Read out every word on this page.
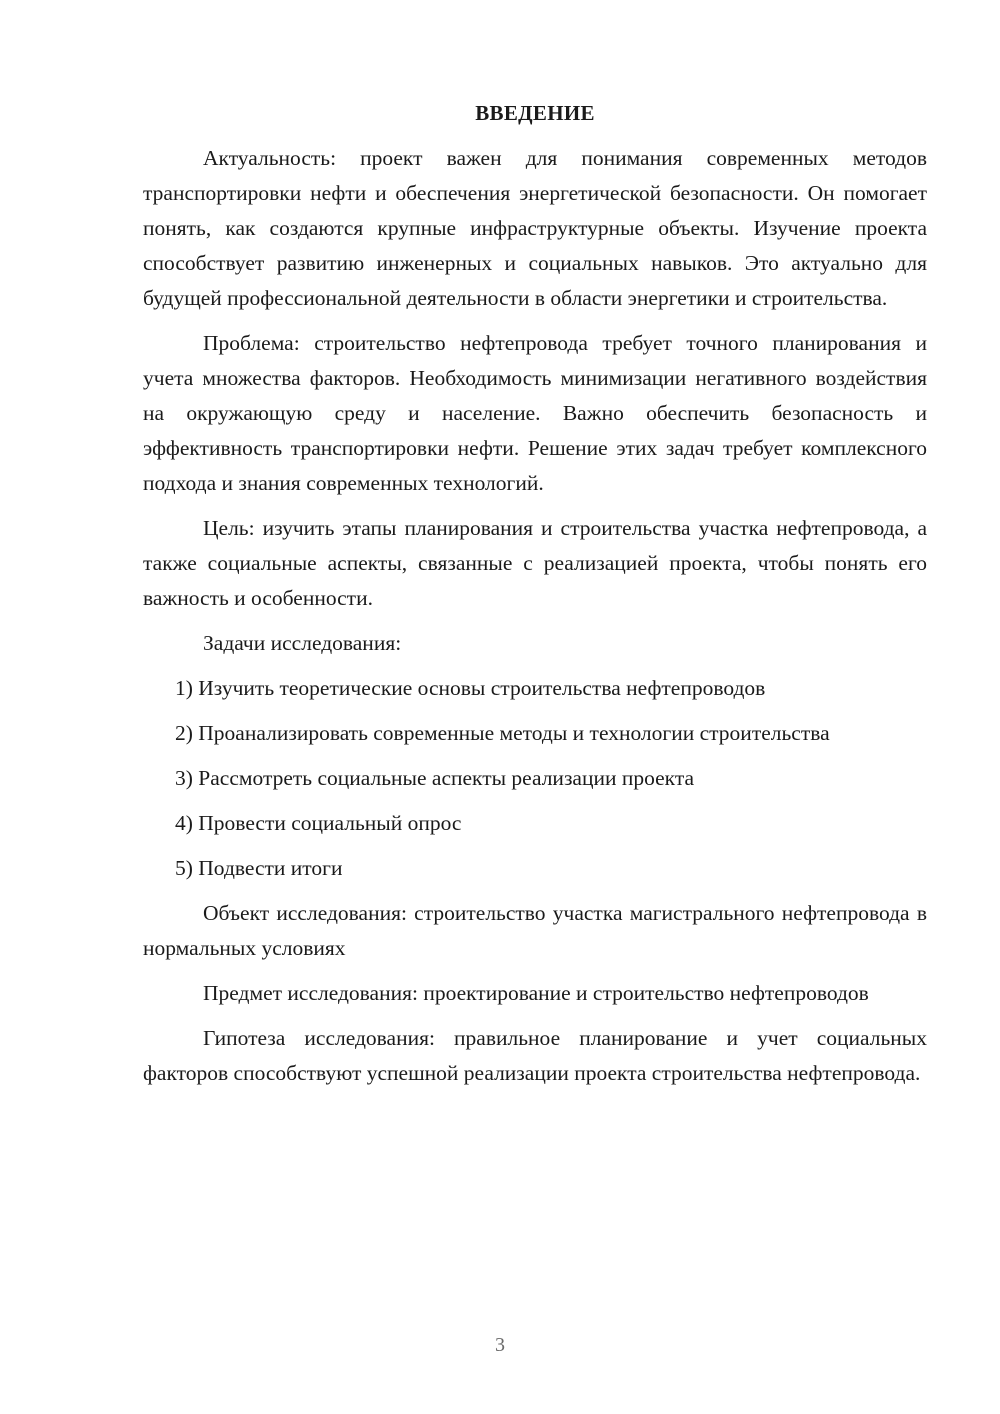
ВВЕДЕНИЕ

Актуальность: проект важен для понимания современных методов транспортировки нефти и обеспечения энергетической безопасности. Он помогает понять, как создаются крупные инфраструктурные объекты. Изучение проекта способствует развитию инженерных и социальных навыков. Это актуально для будущей профессиональной деятельности в области энергетики и строительства.

Проблема: строительство нефтепровода требует точного планирования и учета множества факторов. Необходимость минимизации негативного воздействия на окружающую среду и население. Важно обеспечить безопасность и эффективность транспортировки нефти. Решение этих задач требует комплексного подхода и знания современных технологий.

Цель: изучить этапы планирования и строительства участка нефтепровода, а также социальные аспекты, связанные с реализацией проекта, чтобы понять его важность и особенности.

Задачи исследования:

1) Изучить теоретические основы строительства нефтепроводов

2) Проанализировать современные методы и технологии строительства

3) Рассмотреть социальные аспекты реализации проекта

4) Провести социальный опрос

5) Подвести итоги

Объект исследования: строительство участка магистрального нефтепровода в нормальных условиях

Предмет исследования: проектирование и строительство нефтепроводов

Гипотеза исследования: правильное планирование и учет социальных факторов способствуют успешной реализации проекта строительства нефтепровода.

3
